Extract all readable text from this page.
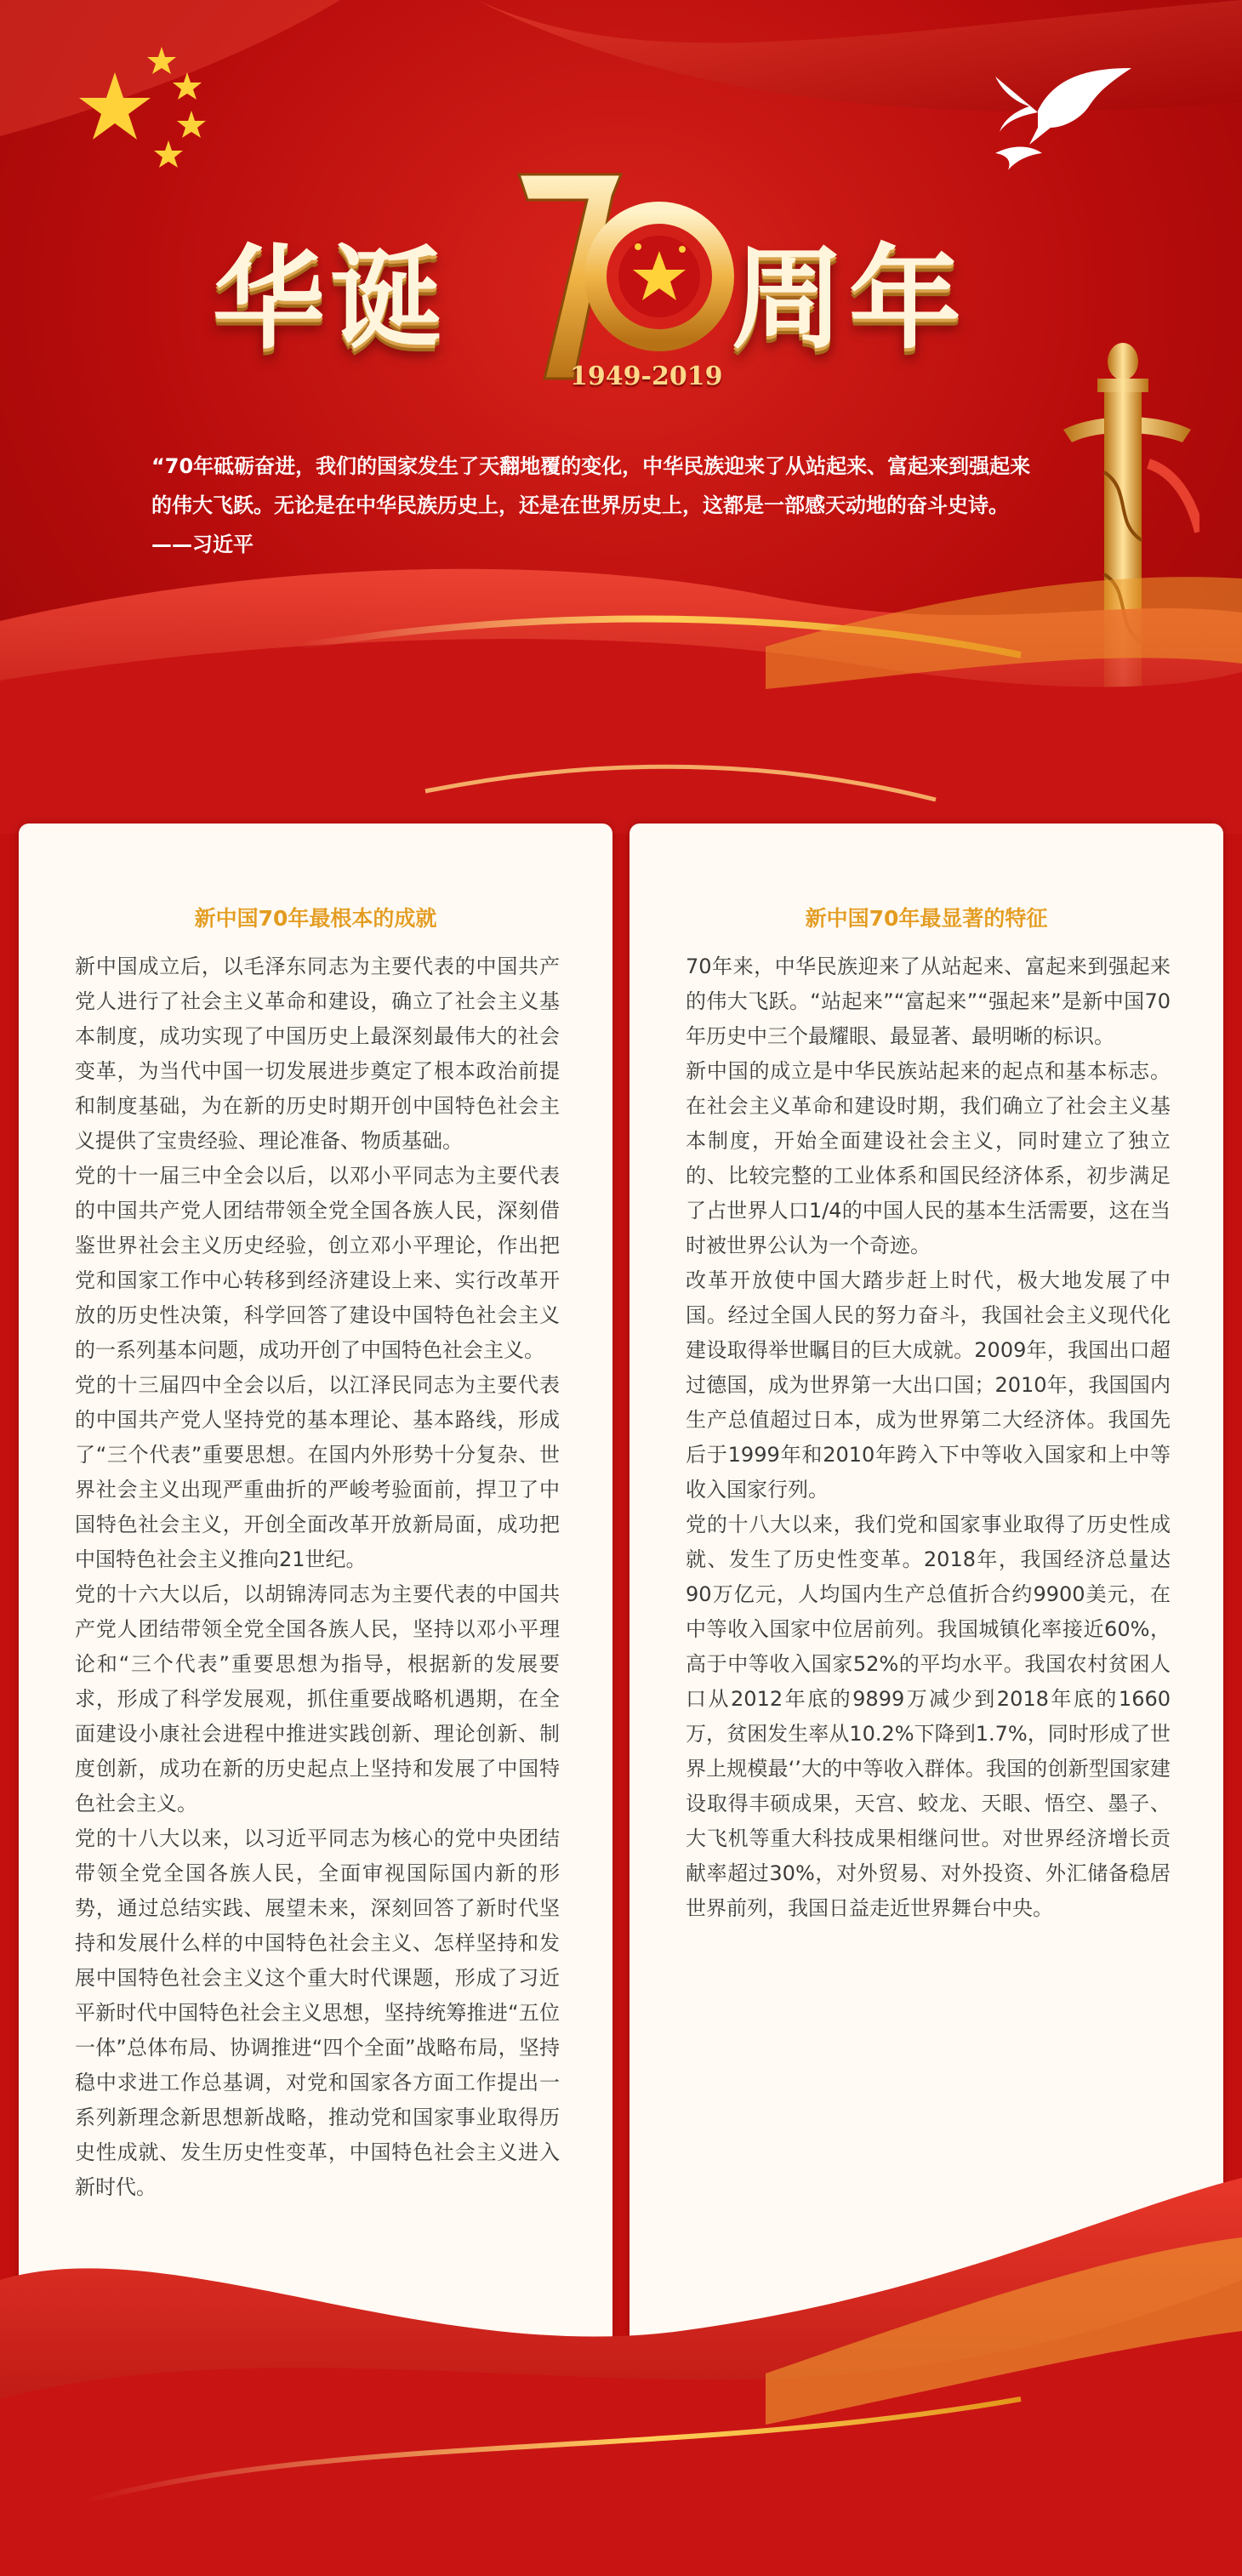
华诞
1949-2019
周年
“70年砥砺奋进，我们的国家发生了天翻地覆的变化，中华民族迎来了从站起来、富起来到强起来的伟大飞跃。无论是在中华民族历史上，还是在世界历史上，这都是一部感天动地的奋斗史诗。——习近平
新中国70年最根本的成就

新中国成立后，以毛泽东同志为主要代表的中国共产党人进行了社会主义革命和建设，确立了社会主义基本制度，成功实现了中国历史上最深刻最伟大的社会变革，为当代中国一切发展进步奠定了根本政治前提和制度基础，为在新的历史时期开创中国特色社会主义提供了宝贵经验、理论准备、物质基础。

党的十一届三中全会以后，以邓小平同志为主要代表的中国共产党人团结带领全党全国各族人民，深刻借鉴世界社会主义历史经验，创立邓小平理论，作出把党和国家工作中心转移到经济建设上来、实行改革开放的历史性决策，科学回答了建设中国特色社会主义的一系列基本问题，成功开创了中国特色社会主义。

党的十三届四中全会以后，以江泽民同志为主要代表的中国共产党人坚持党的基本理论、基本路线，形成了“三个代表”重要思想。在国内外形势十分复杂、世界社会主义出现严重曲折的严峻考验面前，捍卫了中国特色社会主义，开创全面改革开放新局面，成功把中国特色社会主义推向21世纪。

党的十六大以后，以胡锦涛同志为主要代表的中国共产党人团结带领全党全国各族人民，坚持以邓小平理论和“三个代表”重要思想为指导，根据新的发展要求，形成了科学发展观，抓住重要战略机遇期，在全面建设小康社会进程中推进实践创新、理论创新、制度创新，成功在新的历史起点上坚持和发展了中国特色社会主义。

党的十八大以来，以习近平同志为核心的党中央团结带领全党全国各族人民，全面审视国际国内新的形势，通过总结实践、展望未来，深刻回答了新时代坚持和发展什么样的中国特色社会主义、怎样坚持和发展中国特色社会主义这个重大时代课题，形成了习近平新时代中国特色社会主义思想，坚持统筹推进“五位一体”总体布局、协调推进“四个全面”战略布局，坚持稳中求进工作总基调，对党和国家各方面工作提出一系列新理念新思想新战略，推动党和国家事业取得历史性成就、发生历史性变革，中国特色社会主义进入新时代。

新中国70年最显著的特征

70年来，中华民族迎来了从站起来、富起来到强起来的伟大飞跃。“站起来”“富起来”“强起来”是新中国70年历史中三个最耀眼、最显著、最明晰的标识。

新中国的成立是中华民族站起来的起点和基本标志。在社会主义革命和建设时期，我们确立了社会主义基本制度，开始全面建设社会主义，同时建立了独立的、比较完整的工业体系和国民经济体系，初步满足了占世界人口1/4的中国人民的基本生活需要，这在当时被世界公认为一个奇迹。

改革开放使中国大踏步赶上时代，极大地发展了中国。经过全国人民的努力奋斗，我国社会主义现代化建设取得举世瞩目的巨大成就。2009年，我国出口超过德国，成为世界第一大出口国；2010年，我国国内生产总值超过日本，成为世界第二大经济体。我国先后于1999年和2010年跨入下中等收入国家和上中等收入国家行列。

党的十八大以来，我们党和国家事业取得了历史性成就、发生了历史性变革。2018年，我国经济总量达90万亿元，人均国内生产总值折合约9900美元，在中等收入国家中位居前列。我国城镇化率接近60%，高于中等收入国家52%的平均水平。我国农村贫困人口从2012年底的9899万减少到2018年底的1660万，贫困发生率从10.2%下降到1.7%，同时形成了世界上规模最‘’大的中等收入群体。我国的创新型国家建设取得丰硕成果，天宫、蛟龙、天眼、悟空、墨子、大飞机等重大科技成果相继问世。对世界经济增长贡献率超过30%，对外贸易、对外投资、外汇储备稳居世界前列，我国日益走近世界舞台中央。
